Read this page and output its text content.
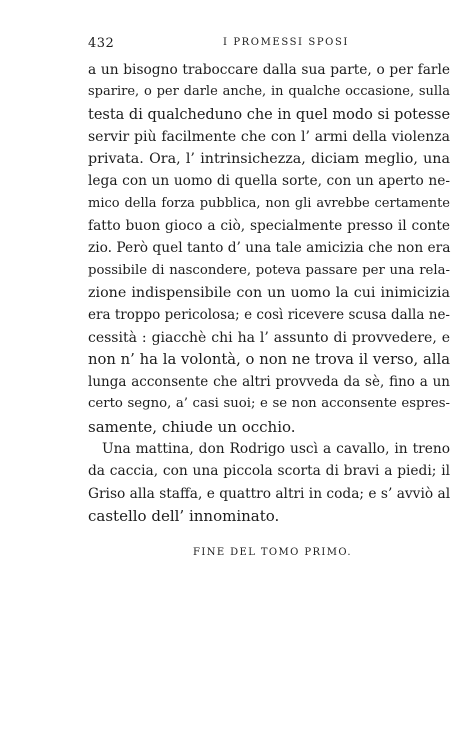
432	I PROMESSI SPOSI
a un bisogno traboccare dalla sua parte, o per farle
sparire, o per darle anche, in qualche occasione, sulla
testa di qualcheduno che in quel modo si potesse
servir più facilmente che con l’ armi della violenza
privata. Ora, l’ intrinsichezza, diciam meglio, una
lega con un uomo di quella sorte, con un aperto ne-
mico della forza pubblica, non gli avrebbe certamente
fatto buon gioco a ciò, specialmente presso il conte
zio. Però quel tanto d’ una tale amicizia che non era
possibile di nascondere, poteva passare per una rela-
zione indispensibile con un uomo la cui inimicizia
era troppo pericolosa; e così ricevere scusa dalla ne-
cessità : giacchè chi ha l’ assunto di provvedere, e
non n’ ha la volontà, o non ne trova il verso, alla
lunga acconsente che altri provveda da sè, fino a un
certo segno, a’ casi suoi; e se non acconsente espres-
samente, chiude un occhio.
Una mattina, don Rodrigo uscì a cavallo, in treno
da caccia, con una piccola scorta di bravi a piedi; il
Griso alla staffa, e quattro altri in coda; e s’ avviò al
castello dell’ innominato.
FINE DEL TOMO PRIMO.
